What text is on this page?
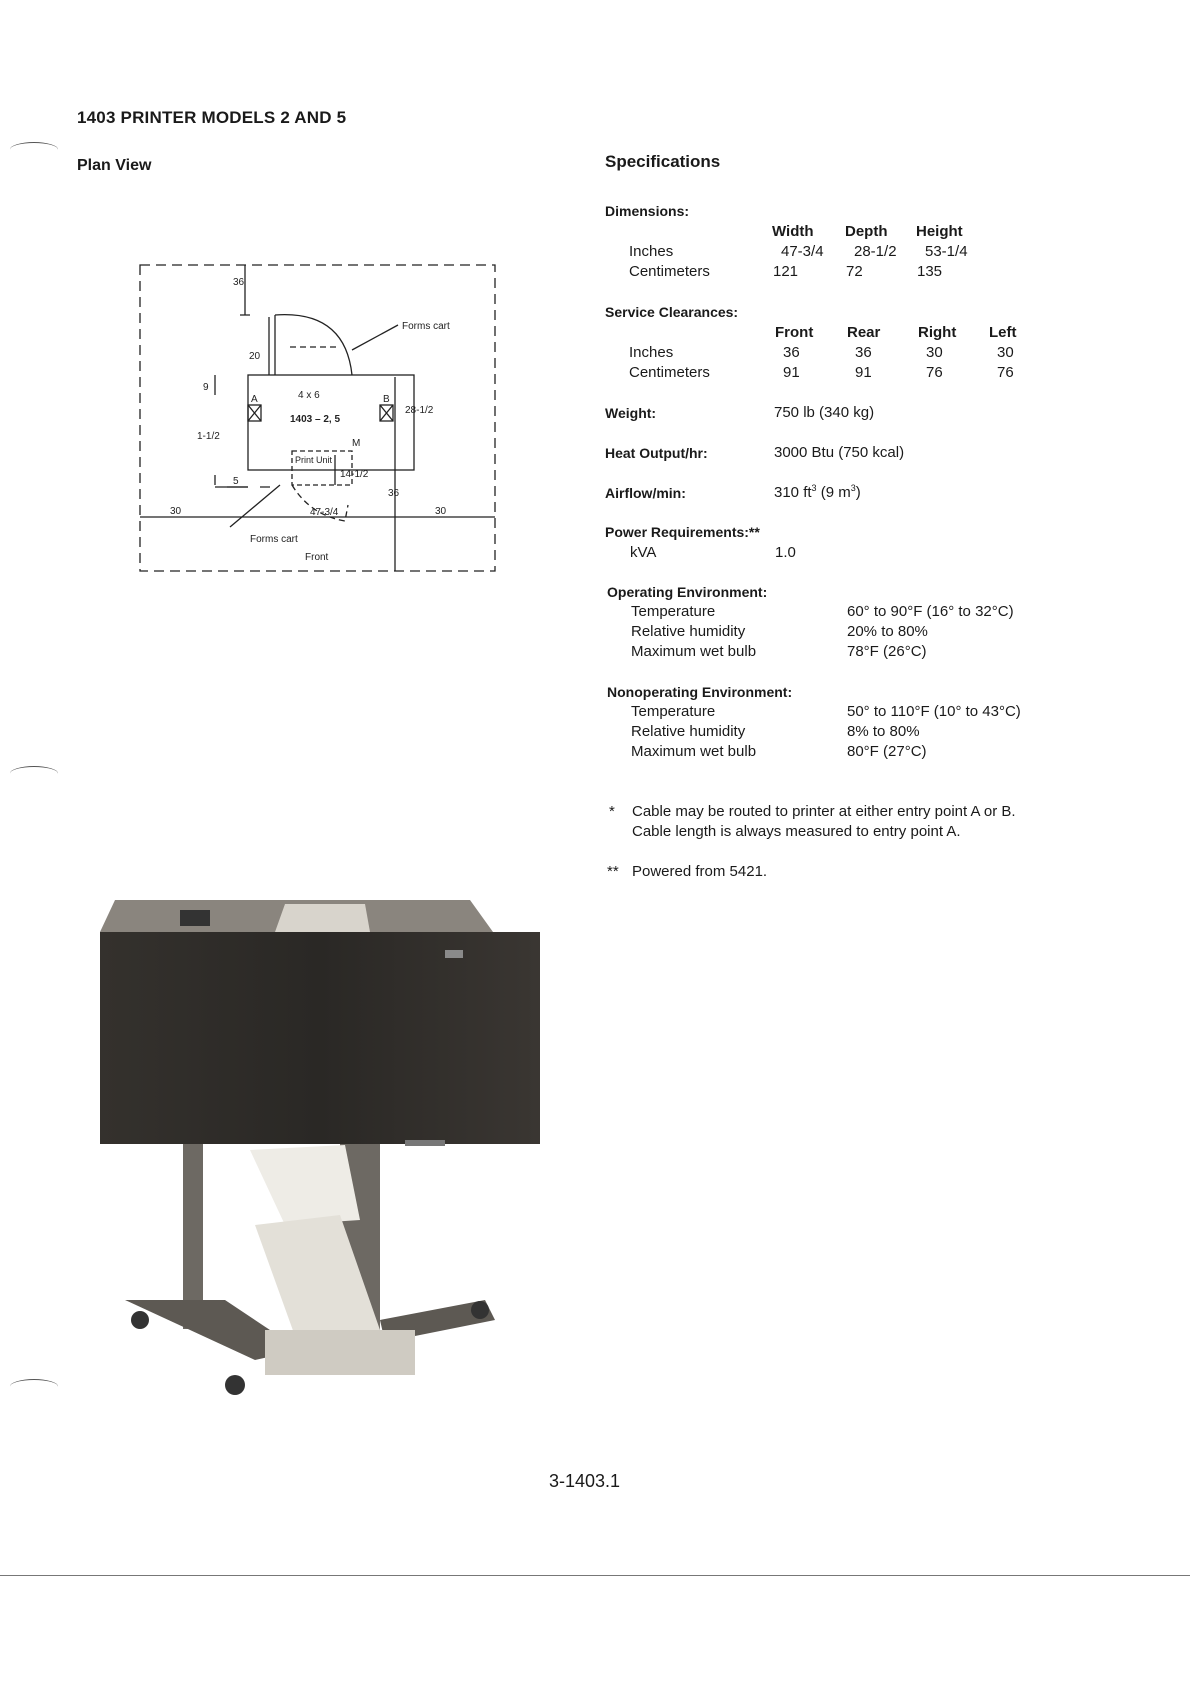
1403 PRINTER MODELS 2 AND 5
Plan View
36
20
9
1-1/2
5
30	30
28-1/2
36
14-1/2
47-3/4
Forms cart
Forms cart
Front
4 x 6
1403 – 2, 5
A	B
M
Print Unit
Specifications
Dimensions:
Width Depth Height
Inches	47-3/4 28-1/2 53-1/4
Centimeters	121	72	135
Service Clearances:
Front Rear	Right Left
Inches	36	36	30	30
Centimeters	91	91	76	76
Weight:	750 lb (340 kg)
Heat Output/hr:	3000 Btu (750 kcal)
Airflow/min:	310 $ft^3$ (9 $m^3$)
Power Requirements:**
kVA	1.0
Operating Environment:
Temperature	60° to 90°F (16° to 32°C)
Relative humidity	20% to 80%
Maximum wet bulb	78°F (26°C)
Nonoperating Environment:
Temperature	50° to 110°F (10° to 43°C)
Relative humidity	8% to 80%
Maximum wet bulb	80°F (27°C)
* Cable may be routed to printer at either entry point A or B.
Cable length is always measured to entry point A.
** Powered from 5421.
3-1403.1
